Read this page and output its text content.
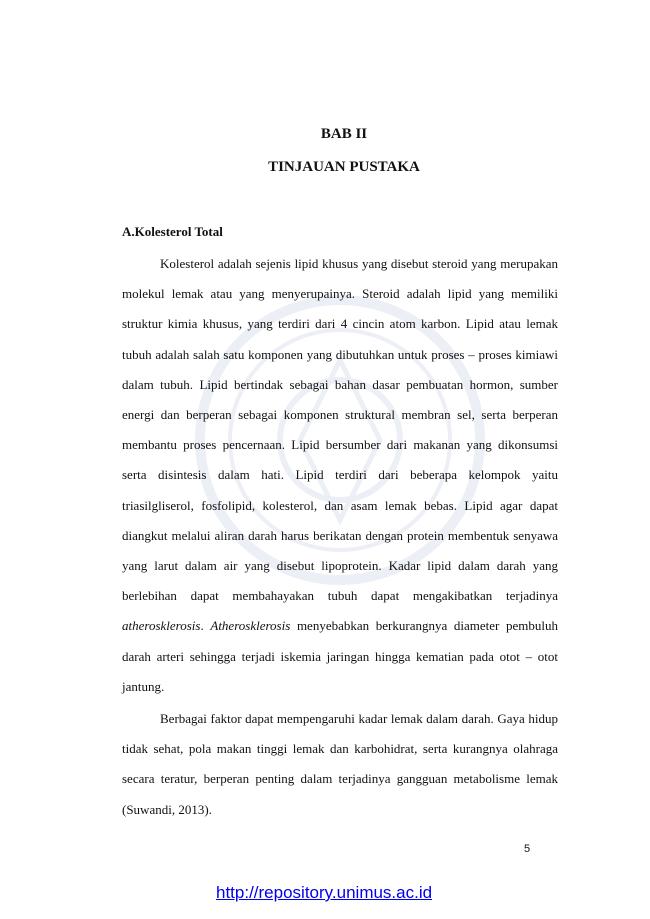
BAB II
TINJAUAN PUSTAKA
A.Kolesterol Total

Kolesterol adalah sejenis lipid khusus yang disebut steroid yang merupakan molekul lemak atau yang menyerupainya. Steroid adalah lipid yang memiliki struktur kimia khusus, yang terdiri dari 4 cincin atom karbon. Lipid atau lemak tubuh adalah salah satu komponen yang dibutuhkan untuk proses – proses kimiawi dalam tubuh. Lipid bertindak sebagai bahan dasar pembuatan hormon, sumber energi dan berperan sebagai komponen struktural membran sel, serta berperan membantu proses pencernaan. Lipid bersumber dari makanan yang dikonsumsi serta disintesis dalam hati. Lipid terdiri dari beberapa kelompok yaitu triasilgliserol, fosfolipid, kolesterol, dan asam lemak bebas. Lipid agar dapat diangkut melalui aliran darah harus berikatan dengan protein membentuk senyawa yang larut dalam air yang disebut lipoprotein. Kadar lipid dalam darah yang berlebihan dapat membahayakan tubuh dapat mengakibatkan terjadinya atherosklerosis. Atherosklerosis menyebabkan berkurangnya diameter pembuluh darah arteri sehingga terjadi iskemia jaringan hingga kematian pada otot – otot jantung.

Berbagai faktor dapat mempengaruhi kadar lemak dalam darah. Gaya hidup tidak sehat, pola makan tinggi lemak dan karbohidrat, serta kurangnya olahraga secara teratur, berperan penting dalam terjadinya gangguan metabolisme lemak (Suwandi, 2013).

5
http://repository.unimus.ac.id
